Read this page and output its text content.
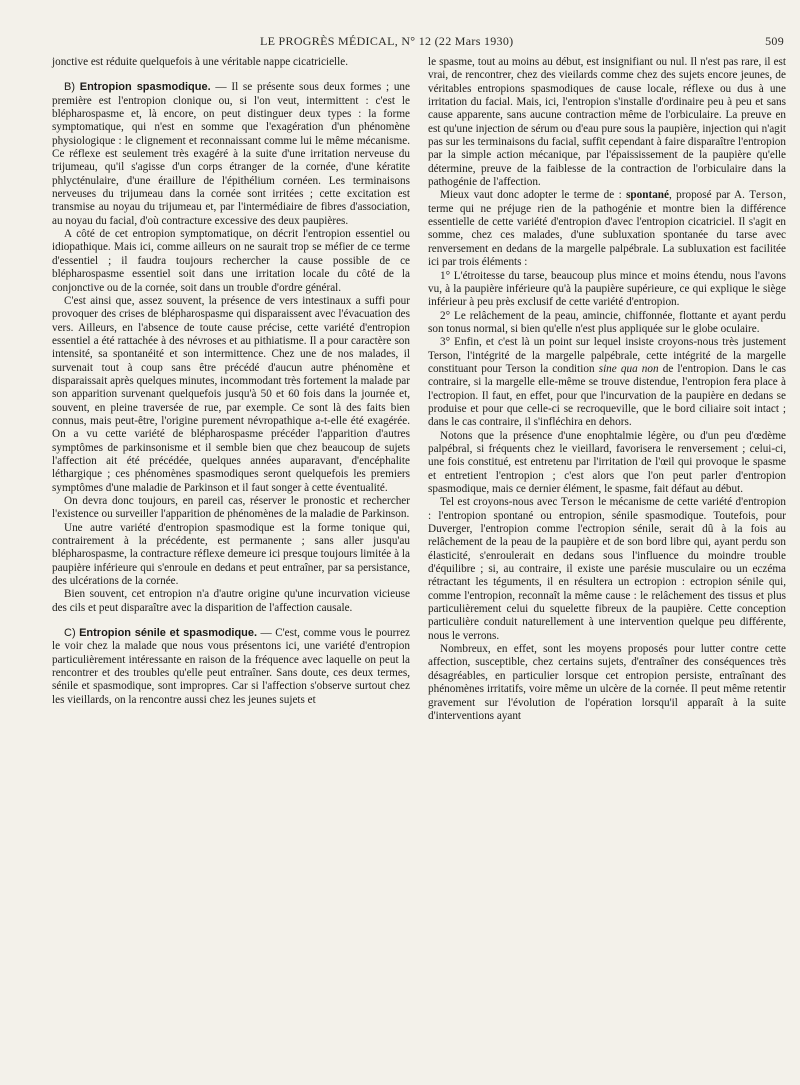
LE PROGRÈS MÉDICAL, N° 12 (22 Mars 1930)	509

jonctive est réduite quelquefois à une véritable nappe cicatricielle.

B) Entropion spasmodique. — Il se présente sous deux formes ; une première est l'entropion clonique ou, si l'on veut, intermittent : c'est le blépharospasme et, là encore, on peut distinguer deux types : la forme symptomatique, qui n'est en somme que l'exagération d'un phénomène physiologique : le clignement et reconnaissant comme lui le même mécanisme. Ce réflexe est seulement très exagéré à la suite d'une irritation nerveuse du trijumeau, qu'il s'agisse d'un corps étranger de la cornée, d'une kératite phlycténulaire, d'une éraillure de l'épithélium cornéen. Les terminaisons nerveuses du trijumeau dans la cornée sont irritées ; cette excitation est transmise au noyau du trijumeau et, par l'intermédiaire de fibres d'association, au noyau du facial, d'où contracture excessive des deux paupières.

A côté de cet entropion symptomatique, on décrit l'entropion essentiel ou idiopathique. Mais ici, comme ailleurs on ne saurait trop se méfier de ce terme d'essentiel ; il faudra toujours rechercher la cause possible de ce blépharospasme essentiel soit dans une irritation locale du côté de la conjonctive ou de la cornée, soit dans un trouble d'ordre général.

C'est ainsi que, assez souvent, la présence de vers intestinaux a suffi pour provoquer des crises de blépharospasme qui disparaissent avec l'évacuation des vers. Ailleurs, en l'absence de toute cause précise, cette variété d'entropion essentiel a été rattachée à des névroses et au pithiatisme. Il a pour caractère son intensité, sa spontanéité et son intermittence. Chez une de nos malades, il survenait tout à coup sans être précédé d'aucun autre phénomène et disparaissait après quelques minutes, incommodant très fortement la malade par son apparition survenant quelquefois jusqu'à 50 et 60 fois dans la journée et, souvent, en pleine traversée de rue, par exemple. Ce sont là des faits bien connus, mais peut-être, l'origine purement névropathique a-t-elle été exagérée. On a vu cette variété de blépharospasme précéder l'apparition d'autres symptômes de parkinsonisme et il semble bien que chez beaucoup de sujets l'affection ait été précédée, quelques années auparavant, d'encéphalite léthargique ; ces phénomènes spasmodiques seront quelquefois les premiers symptômes d'une maladie de Parkinson et il faut songer à cette éventualité.

On devra donc toujours, en pareil cas, réserver le pronostic et rechercher l'existence ou surveiller l'apparition de phénomènes de la maladie de Parkinson.

Une autre variété d'entropion spasmodique est la forme tonique qui, contrairement à la précédente, est permanente ; sans aller jusqu'au blépharospasme, la contracture réflexe demeure ici presque toujours limitée à la paupière inférieure qui s'enroule en dedans et peut entraîner, par sa persistance, des ulcérations de la cornée.

Bien souvent, cet entropion n'a d'autre origine qu'une incurvation vicieuse des cils et peut disparaître avec la disparition de l'affection causale.

C) Entropion sénile et spasmodique. — C'est, comme vous le pourrez le voir chez la malade que nous vous présentons ici, une variété d'entropion particulièrement intéressante en raison de la fréquence avec laquelle on peut la rencontrer et des troubles qu'elle peut entraîner. Sans doute, ces deux termes, sénile et spasmodique, sont impropres. Car si l'affection s'observe surtout chez les vieillards, on la rencontre aussi chez les jeunes sujets et

le spasme, tout au moins au début, est insignifiant ou nul. Il n'est pas rare, il est vrai, de rencontrer, chez des vieilards comme chez des sujets encore jeunes, de véritables entropions spasmodiques de cause locale, réflexe ou dus à une irritation du facial. Mais, ici, l'entropion s'installe d'ordinaire peu à peu et sans cause apparente, sans aucune contraction même de l'orbiculaire. La preuve en est qu'une injection de sérum ou d'eau pure sous la paupière, injection qui n'agit pas sur les terminaisons du facial, suffit cependant à faire disparaître l'entropion par la simple action mécanique, par l'épaississement de la paupière qu'elle détermine, preuve de la faiblesse de la contraction de l'orbiculaire dans la pathogénie de l'affection.

Mieux vaut donc adopter le terme de : spontané, proposé par A. Terson, terme qui ne préjuge rien de la pathogénie et montre bien la différence essentielle de cette variété d'entropion d'avec l'entropion cicatriciel. Il s'agit en somme, chez ces malades, d'une subluxation spontanée du tarse avec renversement en dedans de la margelle palpébrale. La subluxation est facilitée ici par trois éléments :

1° L'étroitesse du tarse, beaucoup plus mince et moins étendu, nous l'avons vu, à la paupière inférieure qu'à la paupière supérieure, ce qui explique le siège inférieur à peu près exclusif de cette variété d'entropion.

2° Le relâchement de la peau, amincie, chiffonnée, flottante et ayant perdu son tonus normal, si bien qu'elle n'est plus appliquée sur le globe oculaire.

3° Enfin, et c'est là un point sur lequel insiste croyons-nous très justement Terson, l'intégrité de la margelle palpébrale, cette intégrité de la margelle constituant pour Terson la condition sine qua non de l'entropion. Dans le cas contraire, si la margelle elle-même se trouve distendue, l'entropion fera place à l'ectropion. Il faut, en effet, pour que l'incurvation de la paupière en dedans se produise et pour que celle-ci se recroqueville, que le bord ciliaire soit intact ; dans le cas contraire, il s'infléchira en dehors.

Notons que la présence d'une enophtalmie légère, ou d'un peu d'œdème palpébral, si fréquents chez le vieillard, favorisera le renversement ; celui-ci, une fois constitué, est entretenu par l'irritation de l'œil qui provoque le spasme et entretient l'entropion ; c'est alors que l'on peut parler d'entropion spasmodique, mais ce dernier élément, le spasme, fait défaut au début.

Tel est croyons-nous avec Terson le mécanisme de cette variété d'entropion : l'entropion spontané ou entropion, sénile spasmodique. Toutefois, pour Duverger, l'entropion comme l'ectropion sénile, serait dû à la fois au relâchement de la peau de la paupière et de son bord libre qui, ayant perdu son élasticité, s'enroulerait en dedans sous l'influence du moindre trouble d'équilibre ; si, au contraire, il existe une parésie musculaire ou un eczéma rétractant les téguments, il en résultera un ectropion : ectropion sénile qui, comme l'entropion, reconnaît la même cause : le relâchement des tissus et plus particulièrement celui du squelette fibreux de la paupière. Cette conception particulière conduit naturellement à une intervention quelque peu différente, nous le verrons.

Nombreux, en effet, sont les moyens proposés pour lutter contre cette affection, susceptible, chez certains sujets, d'entraîner des conséquences très désagréables, en particulier lorsque cet entropion persiste, entraînant des phénomènes irritatifs, voire même un ulcère de la cornée. Il peut même retentir gravement sur l'évolution de l'opération lorsqu'il apparaît à la suite d'interventions ayant
